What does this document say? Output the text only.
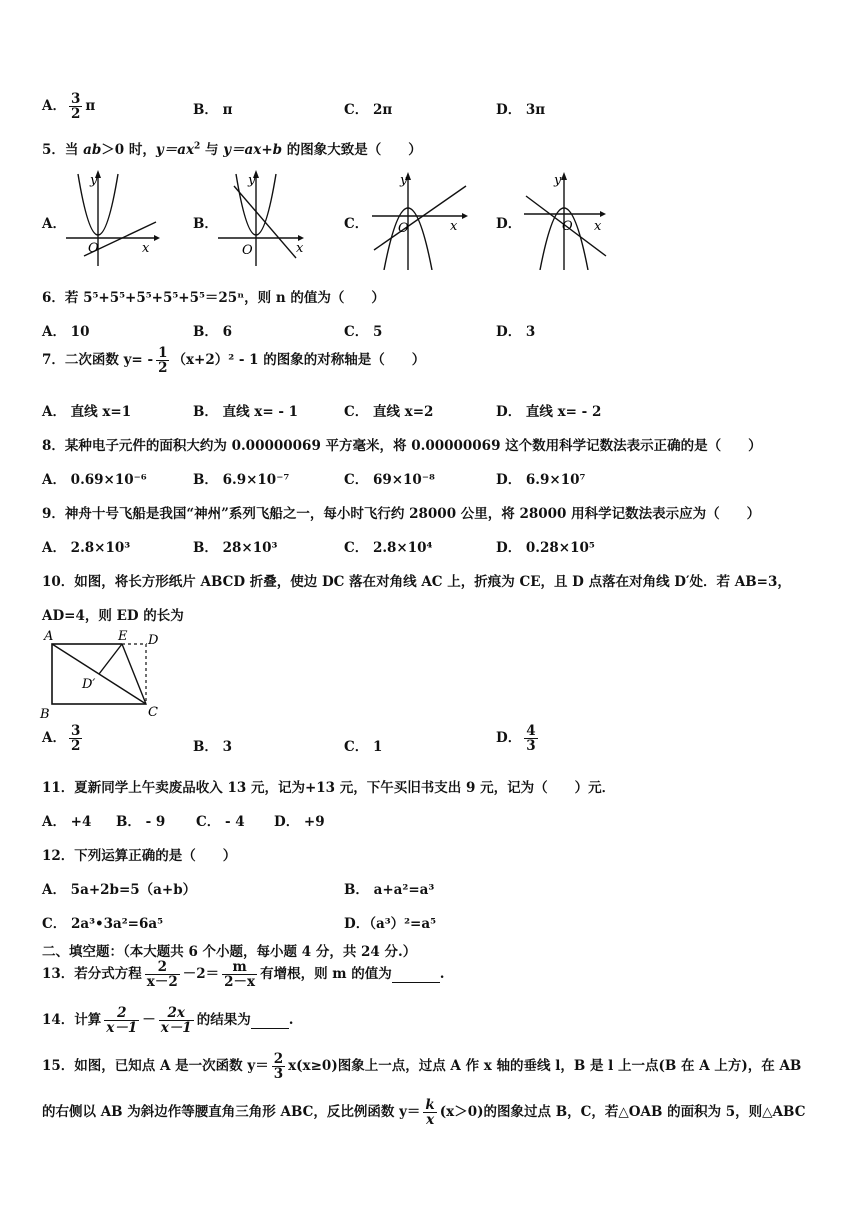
A． $\frac{3}{2}$ π	B． π	C． 2π	D． 3π
5．当 ab＞0 时，$y=ax^2$ 与 y＝ax+b 的图象大致是（　　）
A．	B．	C．	D．
y
x
O
y
x
O
y
x
O
y
x
O
6．若 5⁵+5⁵+5⁵+5⁵+5⁵＝25ⁿ，则 n 的值为（　　）
A． 10	B． 6	C． 5	D． 3
7．二次函数 $y= - \frac{1}{2} (x+2)^2 - 1$ 的图象的对称轴是（　　）
A． 直线 x=1	B． 直线 x= - 1	C． 直线 x=2	D． 直线 x= - 2
8．某种电子元件的面积大约为 0.00000069 平方毫米，将 0.00000069 这个数用科学记数法表示正确的是（　　）
A． 0.69×10⁻⁶	B． 6.9×10⁻⁷	C． 69×10⁻⁸	D． 6.9×10⁷
9．神舟十号飞船是我国“神州”系列飞船之一，每小时飞行约 28000 公里，将 28000 用科学记数法表示应为（　　）
A． 2.8×10³	B． 28×10³	C． 2.8×10⁴	D． 0.28×10⁵
10．如图，将长方形纸片 ABCD 折叠，使边 DC 落在对角线 AC 上，折痕为 CE，且 D 点落在对角线 D′处．若 AB=3，
AD=4，则 ED 的长为
A	E D
D′
B	C
A． $\frac{3}{2}$	B． 3	C． 1
D． $\frac{4}{3}$
11．夏新同学上午卖废品收入 13 元，记为+13 元，下午买旧书支出 9 元，记为（　　）元．
A． +4 B． - 9 C． - 4 D． +9
12．下列运算正确的是（　　）
A． 5a+2b=5（a+b）	B． a+a²=a³
C． 2a³•3a²=6a⁵	D．（a³）²=a⁵
二、填空题：（本大题共 6 个小题，每小题 4 分，共 24 分.）
13．若分式方程 $\frac{2}{x-2} -2= \frac{m}{2-x}$ 有增根，则 m 的值为	.
14．计算 $\frac{2}{x-1} - \frac{2x}{x-1}$ 的结果为	.
15．如图，已知点 A 是一次函数 $y= \frac{2}{3} x(x\ge 0)$图象上一点，过点 A 作 x 轴的垂线 l，B 是 l 上一点(B 在 A 上方)，在 AB
的右侧以 AB 为斜边作等腰直角三角形 ABC，反比例函数 $y= \frac{k}{x} (x>0)$的图象过点 B，C，若△OAB 的面积为 5，则△ABC
